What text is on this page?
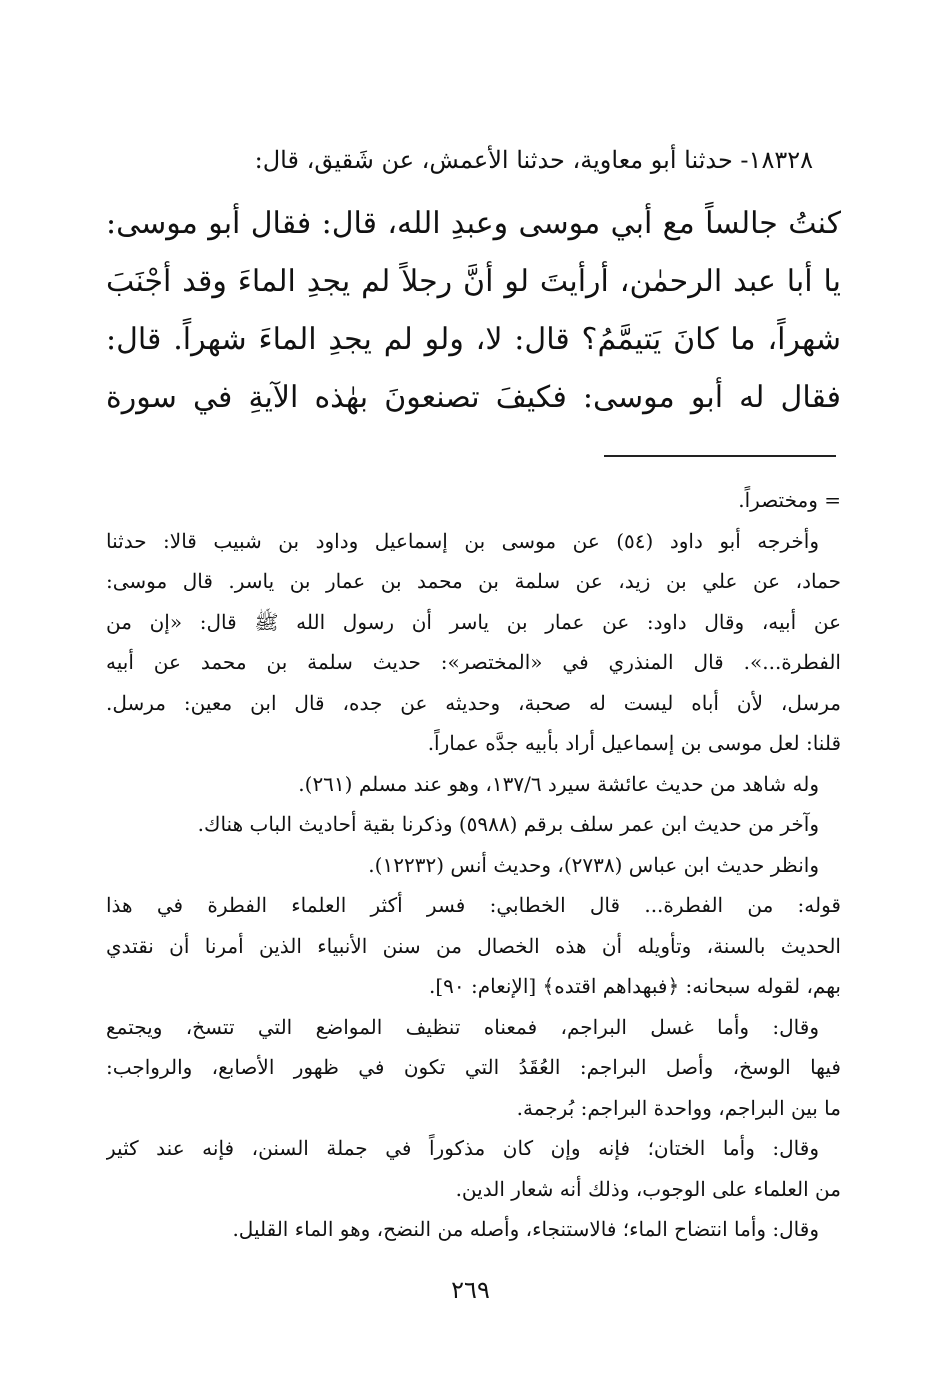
١٨٣٢٨- حدثنا أبو معاوية، حدثنا الأعمش، عن شَقيق، قال:
كنتُ جالساً مع أبي موسى وعبدِ الله، قال: فقال أبو موسى:
يا أبا عبد الرحمٰن، أرأيتَ لو أنَّ رجلاً لم يجدِ الماءَ وقد أجْنَبَ
شهراً، ما كانَ يَتيمَّمُ؟ قال: لا، ولو لم يجدِ الماءَ شهراً. قال:
فقال له أبو موسى: فكيفَ تصنعونَ بهٰذه الآيةِ في سورة
= ومختصراً.
وأخرجه أبو داود (٥٤) عن موسى بن إسماعيل وداود بن شبيب قالا: حدثنا
حماد، عن علي بن زيد، عن سلمة بن محمد بن عمار بن ياسر. قال موسى:
عن أبيه، وقال داود: عن عمار بن ياسر أن رسول الله ﷺ قال: «إن من
الفطرة...». قال المنذري في «المختصر»: حديث سلمة بن محمد عن أبيه
مرسل، لأن أباه ليست له صحبة، وحديثه عن جده، قال ابن معين: مرسل.
قلنا: لعل موسى بن إسماعيل أراد بأبيه جدَّه عماراً.
وله شاهد من حديث عائشة سيرد ١٣٧/٦، وهو عند مسلم (٢٦١).
وآخر من حديث ابن عمر سلف برقم (٥٩٨٨) وذكرنا بقية أحاديث الباب هناك.
وانظر حديث ابن عباس (٢٧٣٨)، وحديث أنس (١٢٢٣٢).
قوله: من الفطرة... قال الخطابي: فسر أكثر العلماء الفطرة في هذا
الحديث بالسنة، وتأويله أن هذه الخصال من سنن الأنبياء الذين أمرنا أن نقتدي
بهم، لقوله سبحانه: ﴿فبهداهم اقتده﴾ [الإنعام: ٩٠].
وقال: وأما غسل البراجم، فمعناه تنظيف المواضع التي تتسخ، ويجتمع
فيها الوسخ، وأصل البراجم: العُقَدُ التي تكون في ظهور الأصابع، والرواجب:
ما بين البراجم، وواحدة البراجم: بُرجمة.
وقال: وأما الختان؛ فإنه وإن كان مذكوراً في جملة السنن، فإنه عند كثير
من العلماء على الوجوب، وذلك أنه شعار الدين.
وقال: وأما انتضاح الماء؛ فالاستنجاء، وأصله من النضح، وهو الماء القليل.
٢٦٩
